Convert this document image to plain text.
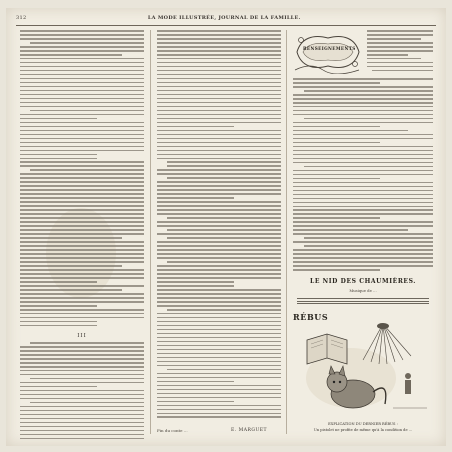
312	LA MODE ILLUSTRÉE, JOURNAL DE LA FAMILLE.
III
Fin du conte ...	E. MARGUET
RENSEIGNEMENTS
LE NID DES CHAUMIÈRES.
Musique de ...
RÉBUS
EXPLICATION DU DERNIER RÉBUS :
Un pistolet ne profite de même qu'à la condition de ...
